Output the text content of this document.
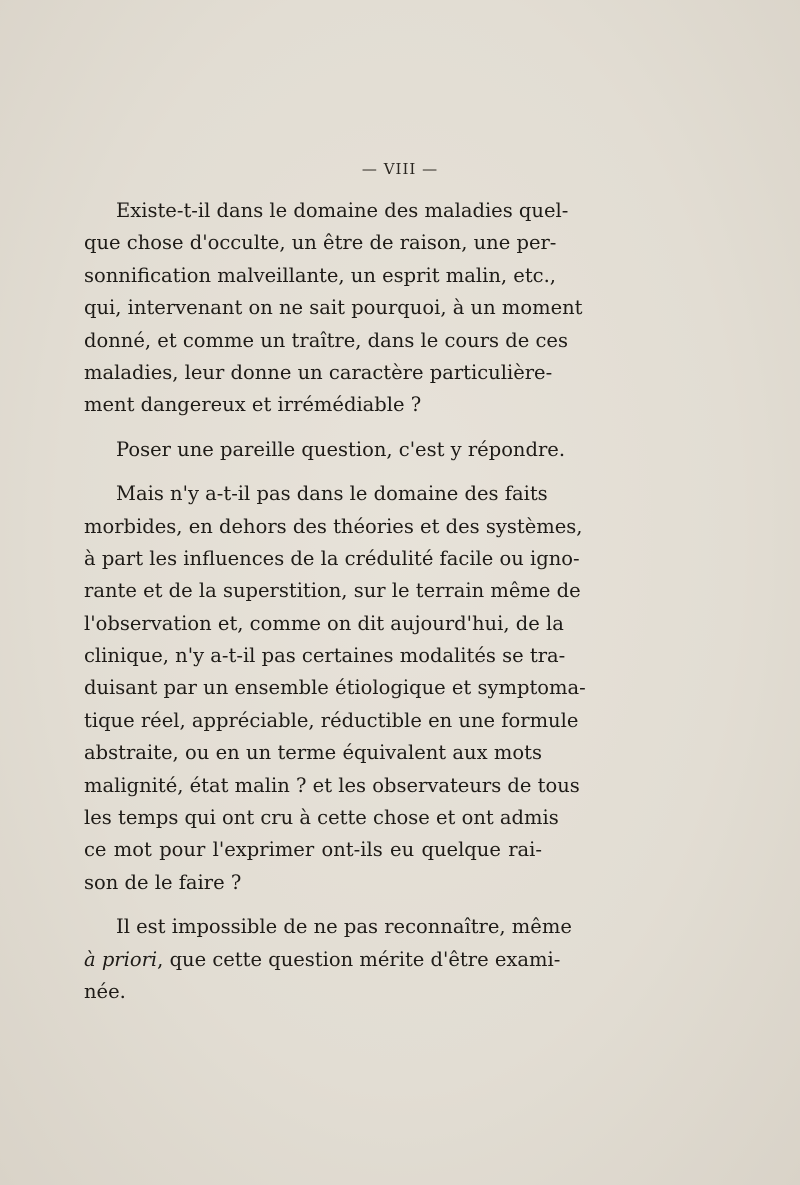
— VIII —
Existe-t-il dans le domaine des maladies quel-
que chose d'occulte, un être de raison, une per-
sonnification malveillante, un esprit malin, etc.,
qui, intervenant on ne sait pourquoi, à un moment
donné, et comme un traître, dans le cours de ces
maladies, leur donne un caractère particulière-
ment dangereux et irrémédiable ?
Poser une pareille question, c'est y répondre.
Mais n'y a-t-il pas dans le domaine des faits
morbides, en dehors des théories et des systèmes,
à part les influences de la crédulité facile ou igno-
rante et de la superstition, sur le terrain même de
l'observation et, comme on dit aujourd'hui, de la
clinique, n'y a-t-il pas certaines modalités se tra-
duisant par un ensemble étiologique et symptoma-
tique réel, appréciable, réductible en une formule
abstraite, ou en un terme équivalent aux mots
malignité, état malin ? et les observateurs de tous
les temps qui ont cru à cette chose et ont admis
ce mot pour l'exprimer ont-ils eu quelque rai-
son de le faire ?
Il est impossible de ne pas reconnaître, même
à priori, que cette question mérite d'être exami-
née.
